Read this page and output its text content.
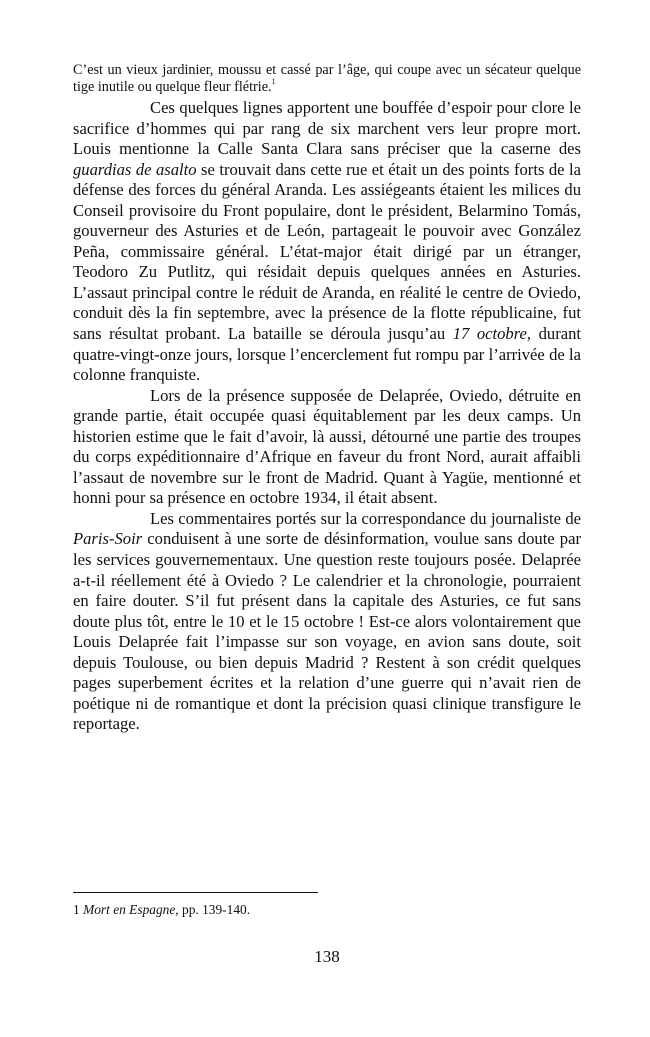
C’est un vieux jardinier, moussu et cassé par l’âge, qui coupe avec un sécateur quelque tige inutile ou quelque fleur flétrie.$^1$

Ces quelques lignes apportent une bouffée d’espoir pour clore le sacrifice d’hommes qui par rang de six marchent vers leur propre mort. Louis mentionne la Calle Santa Clara sans préciser que la caserne des guardias de asalto se trouvait dans cette rue et était un des points forts de la défense des forces du général Aranda. Les assiégeants étaient les milices du Conseil provisoire du Front populaire, dont le président, Belarmino Tomás, gouverneur des Asturies et de León, partageait le pouvoir avec González Peña, commissaire général. L’état-major était dirigé par un étranger, Teodoro Zu Putlitz, qui résidait depuis quelques années en Asturies. L’assaut principal contre le réduit de Aranda, en réalité le centre de Oviedo, conduit dès la fin septembre, avec la présence de la flotte républicaine, fut sans résultat probant. La bataille se déroula jusqu’au 17 octobre, durant quatre-vingt-onze jours, lorsque l’encerclement fut rompu par l’arrivée de la colonne franquiste.

Lors de la présence supposée de Delaprée, Oviedo, détruite en grande partie, était occupée quasi équitablement par les deux camps. Un historien estime que le fait d’avoir, là aussi, détourné une partie des troupes du corps expéditionnaire d’Afrique en faveur du front Nord, aurait affaibli l’assaut de novembre sur le front de Madrid. Quant à Yagüe, mentionné et honni pour sa présence en octobre 1934, il était absent.

Les commentaires portés sur la correspondance du journaliste de Paris-Soir conduisent à une sorte de désinformation, voulue sans doute par les services gouvernementaux. Une question reste toujours posée. Delaprée a-t-il réellement été à Oviedo ? Le calendrier et la chronologie, pourraient en faire douter. S’il fut présent dans la capitale des Asturies, ce fut sans doute plus tôt, entre le 10 et le 15 octobre ! Est-ce alors volontairement que Louis Delaprée fait l’impasse sur son voyage, en avion sans doute, soit depuis Toulouse, ou bien depuis Madrid ? Restent à son crédit quelques pages superbement écrites et la relation d’une guerre qui n’avait rien de poétique ni de romantique et dont la précision quasi clinique transfigure le reportage.

1 Mort en Espagne, pp. 139-140.
138
